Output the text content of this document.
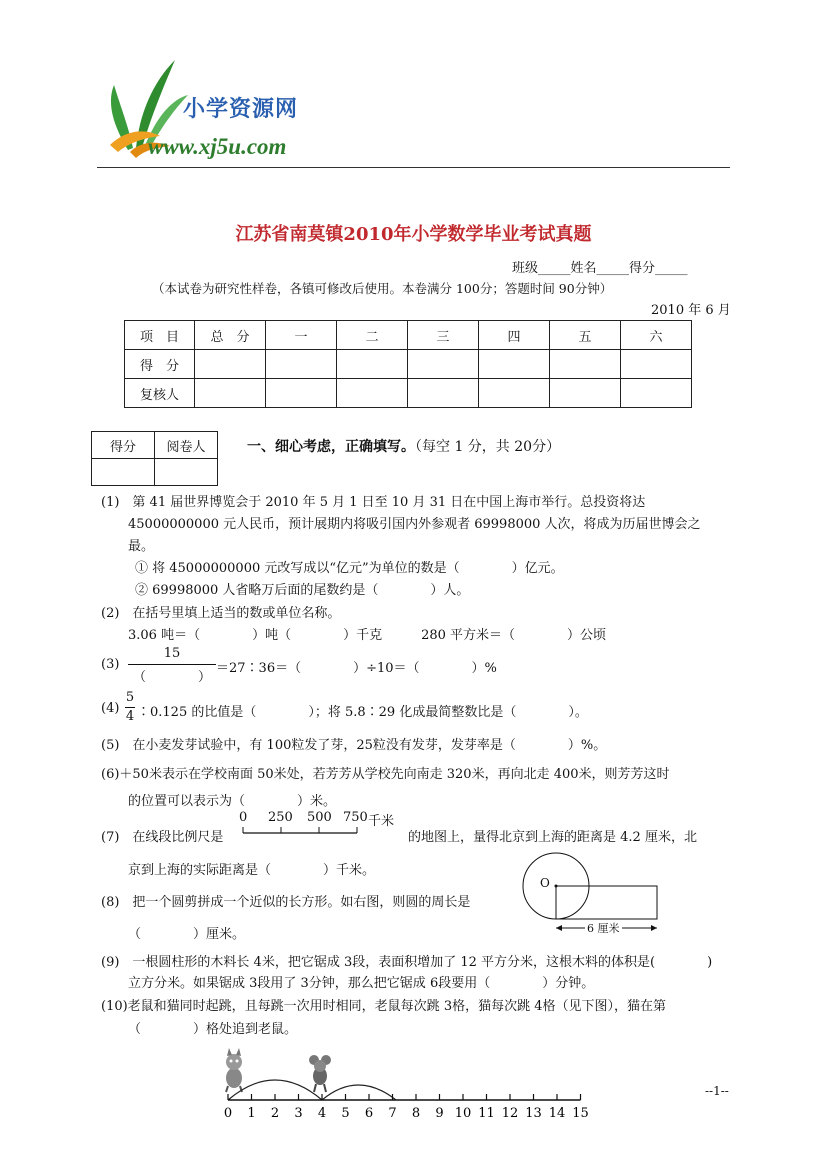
小学资源网
www.xj5u.com
江苏省南莫镇2010年小学数学毕业考试真题
班级_____姓名_____得分_____
（本试卷为研究性样卷，各镇可修改后使用。本卷满分 100分；答题时间 90分钟）
2010 年 6 月
项　目	总　分	一	二	三	四	五	六
得　分							
复核人							
得分	阅卷人
		一、细心考虑，正确填写。（每空 1 分，共 20分）
(1)　第 41 届世界博览会于 2010 年 5 月 1 日至 10 月 31 日在中国上海市举行。总投资将达
45000000000 元人民币，预计展期内将吸引国内外参观者 69998000 人次，将成为历届世博会之
最。
① 将 45000000000 元改写成以“亿元”为单位的数是（　　　　）亿元。
② 69998000 人省略万后面的尾数约是（　　　　）人。
(2)　在括号里填上适当的数或单位名称。
3.06 吨＝（　　　　）吨（　　　　）千克　　　280 平方米＝（　　　　）公顷
(3)
15
（　　　　）
＝27∶36＝（　　　　）÷10＝（　　　　）%
(4)
5
4 ∶0.125 的比值是（　　　　）；将 5.8∶29 化成最简整数比是（　　　　）。
(5)　在小麦发芽试验中，有 100粒发了芽，25粒没有发芽，发芽率是（　　　　）%。
(6)＋50米表示在学校南面 50米处，若芳芳从学校先向南走 320米，再向北走 400米，则芳芳这时
的位置可以表示为（　　　　）米。
(7)　在线段比例尺是
0 250 500 750 千米
的地图上，量得北京到上海的距离是 4.2 厘米，北
京到上海的实际距离是（　　　　）千米。
(8)　把一个圆剪拼成一个近似的长方形。如右图，则圆的周长是
（　　　　）厘米。
O
6 厘米
(9)　一根圆柱形的木料长 4米，把它锯成 3段，表面积增加了 12 平方分米，这根木料的体积是(　　　　)
立方分米。如果锯成 3段用了 3分钟，那么把它锯成 6段要用（　　　　）分钟。
(10)老鼠和猫同时起跳，且每跳一次用时相同，老鼠每次跳 3格，猫每次跳 4格（见下图），猫在第
（　　　　）格处追到老鼠。
0 1 2 3 4 5 6 7 8 9 10 11 12 13 14 15
--1--
